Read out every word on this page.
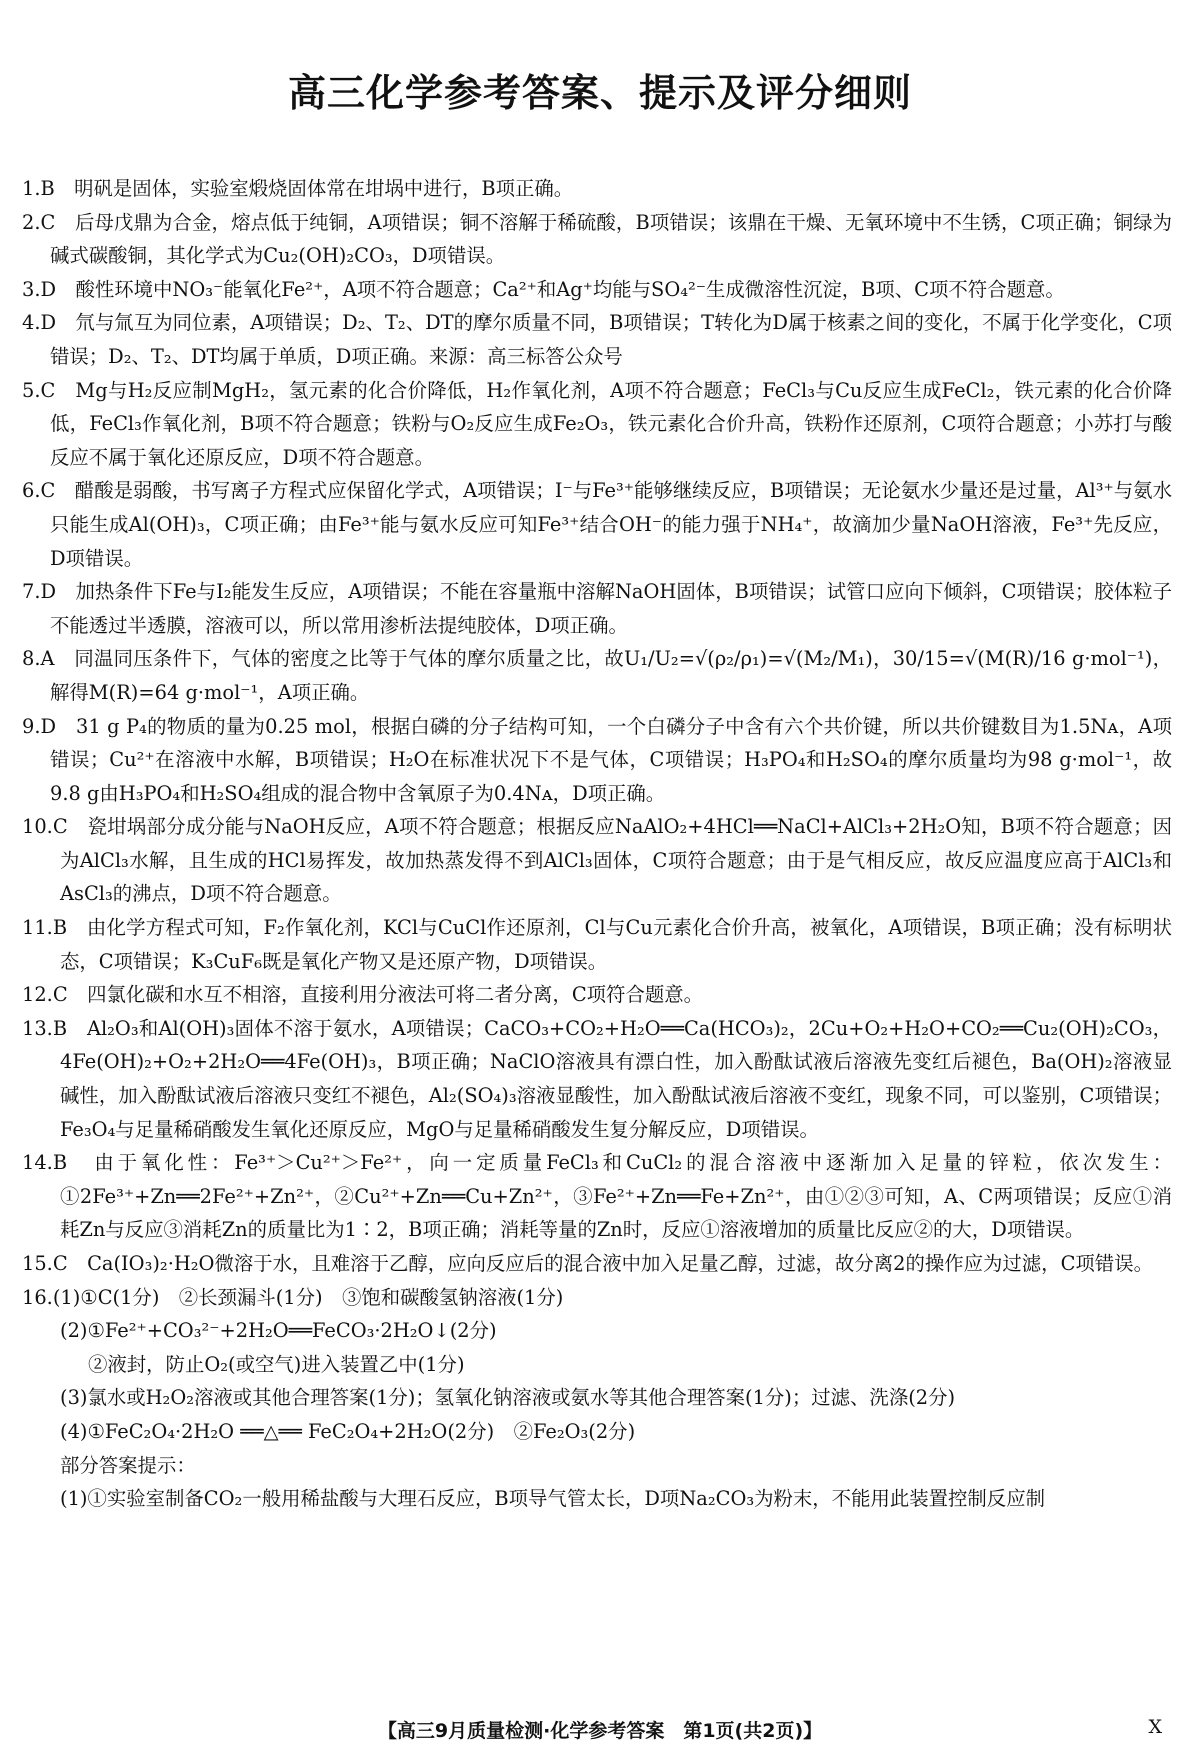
高三化学参考答案、提示及评分细则

1.B　明矾是固体，实验室煅烧固体常在坩埚中进行，B项正确。

2.C　后母戊鼎为合金，熔点低于纯铜，A项错误；铜不溶解于稀硫酸，B项错误；该鼎在干燥、无氧环境中不生锈，C项正确；铜绿为碱式碳酸铜，其化学式为Cu₂(OH)₂CO₃，D项错误。

3.D　酸性环境中NO₃⁻能氧化Fe²⁺，A项不符合题意；Ca²⁺和Ag⁺均能与SO₄²⁻生成微溶性沉淀，B项、C项不符合题意。

4.D　氘与氚互为同位素，A项错误；D₂、T₂、DT的摩尔质量不同，B项错误；T转化为D属于核素之间的变化，不属于化学变化，C项错误；D₂、T₂、DT均属于单质，D项正确。来源：高三标答公众号

5.C　Mg与H₂反应制MgH₂，氢元素的化合价降低，H₂作氧化剂，A项不符合题意；FeCl₃与Cu反应生成FeCl₂，铁元素的化合价降低，FeCl₃作氧化剂，B项不符合题意；铁粉与O₂反应生成Fe₂O₃，铁元素化合价升高，铁粉作还原剂，C项符合题意；小苏打与酸反应不属于氧化还原反应，D项不符合题意。

6.C　醋酸是弱酸，书写离子方程式应保留化学式，A项错误；I⁻与Fe³⁺能够继续反应，B项错误；无论氨水少量还是过量，Al³⁺与氨水只能生成Al(OH)₃，C项正确；由Fe³⁺能与氨水反应可知Fe³⁺结合OH⁻的能力强于NH₄⁺，故滴加少量NaOH溶液，Fe³⁺先反应，D项错误。

7.D　加热条件下Fe与I₂能发生反应，A项错误；不能在容量瓶中溶解NaOH固体，B项错误；试管口应向下倾斜，C项错误；胶体粒子不能透过半透膜，溶液可以，所以常用渗析法提纯胶体，D项正确。

8.A　同温同压条件下，气体的密度之比等于气体的摩尔质量之比，故U₁/U₂=√(ρ₂/ρ₁)=√(M₂/M₁)，30/15=√(M(R)/16 g·mol⁻¹)，解得M(R)=64 g·mol⁻¹，A项正确。

9.D　31 g P₄的物质的量为0.25 mol，根据白磷的分子结构可知，一个白磷分子中含有六个共价键，所以共价键数目为1.5Nᴀ，A项错误；Cu²⁺在溶液中水解，B项错误；H₂O在标准状况下不是气体，C项错误；H₃PO₄和H₂SO₄的摩尔质量均为98 g·mol⁻¹，故9.8 g由H₃PO₄和H₂SO₄组成的混合物中含氧原子为0.4Nᴀ，D项正确。

10.C　瓷坩埚部分成分能与NaOH反应，A项不符合题意；根据反应NaAlO₂+4HCl══NaCl+AlCl₃+2H₂O知，B项不符合题意；因为AlCl₃水解，且生成的HCl易挥发，故加热蒸发得不到AlCl₃固体，C项符合题意；由于是气相反应，故反应温度应高于AlCl₃和AsCl₃的沸点，D项不符合题意。

11.B　由化学方程式可知，F₂作氧化剂，KCl与CuCl作还原剂，Cl与Cu元素化合价升高，被氧化，A项错误，B项正确；没有标明状态，C项错误；K₃CuF₆既是氧化产物又是还原产物，D项错误。

12.C　四氯化碳和水互不相溶，直接利用分液法可将二者分离，C项符合题意。

13.B　Al₂O₃和Al(OH)₃固体不溶于氨水，A项错误；CaCO₃+CO₂+H₂O══Ca(HCO₃)₂，2Cu+O₂+H₂O+CO₂══Cu₂(OH)₂CO₃，4Fe(OH)₂+O₂+2H₂O══4Fe(OH)₃，B项正确；NaClO溶液具有漂白性，加入酚酞试液后溶液先变红后褪色，Ba(OH)₂溶液显碱性，加入酚酞试液后溶液只变红不褪色，Al₂(SO₄)₃溶液显酸性，加入酚酞试液后溶液不变红，现象不同，可以鉴别，C项错误；Fe₃O₄与足量稀硝酸发生氧化还原反应，MgO与足量稀硝酸发生复分解反应，D项错误。

14.B　由于氧化性：Fe³⁺＞Cu²⁺＞Fe²⁺，向一定质量FeCl₃和CuCl₂的混合溶液中逐渐加入足量的锌粒，依次发生：①2Fe³⁺+Zn══2Fe²⁺+Zn²⁺，②Cu²⁺+Zn══Cu+Zn²⁺，③Fe²⁺+Zn══Fe+Zn²⁺，由①②③可知，A、C两项错误；反应①消耗Zn与反应③消耗Zn的质量比为1∶2，B项正确；消耗等量的Zn时，反应①溶液增加的质量比反应②的大，D项错误。

15.C　Ca(IO₃)₂·H₂O微溶于水，且难溶于乙醇，应向反应后的混合液中加入足量乙醇，过滤，故分离2的操作应为过滤，C项错误。

16.(1)①C(1分)　②长颈漏斗(1分)　③饱和碳酸氢钠溶液(1分)

(2)①Fe²⁺+CO₃²⁻+2H₂O══FeCO₃·2H₂O↓(2分)

②液封，防止O₂(或空气)进入装置乙中(1分)

(3)氯水或H₂O₂溶液或其他合理答案(1分)；氢氧化钠溶液或氨水等其他合理答案(1分)；过滤、洗涤(2分)

(4)①FeC₂O₄·2H₂O ══△══ FeC₂O₄+2H₂O(2分)　②Fe₂O₃(2分)

部分答案提示：

(1)①实验室制备CO₂一般用稀盐酸与大理石反应，B项导气管太长，D项Na₂CO₃为粉末，不能用此装置控制反应制

【高三9月质量检测·化学参考答案　第1页(共2页)】	X
